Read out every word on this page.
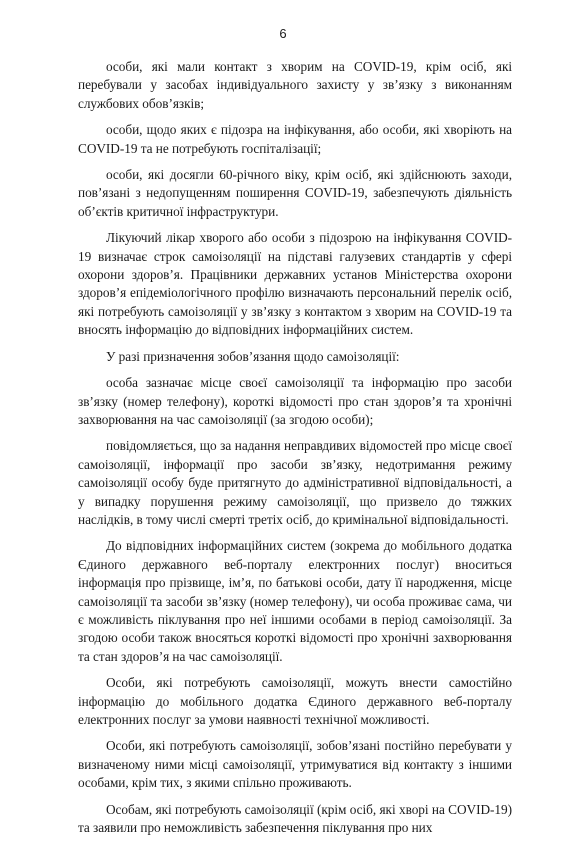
6

особи, які мали контакт з хворим на COVID-19, крім осіб, які перебували у засобах індивідуального захисту у зв’язку з виконанням службових обов’язків;

особи, щодо яких є підозра на інфікування, або особи, які хворіють на COVID-19 та не потребують госпіталізації;

особи, які досягли 60-річного віку, крім осіб, які здійснюють заходи, пов’язані з недопущенням поширення COVID-19, забезпечують діяльність об’єктів критичної інфраструктури.

Лікуючий лікар хворого або особи з підозрою на інфікування COVID-19 визначає строк самоізоляції на підставі галузевих стандартів у сфері охорони здоров’я. Працівники державних установ Міністерства охорони здоров’я епідеміологічного профілю визначають персональний перелік осіб, які потребують самоізоляції у зв’язку з контактом з хворим на COVID-19 та вносять інформацію до відповідних інформаційних систем.

У разі призначення зобов’язання щодо самоізоляції:

особа зазначає місце своєї самоізоляції та інформацію про засоби зв’язку (номер телефону), короткі відомості про стан здоров’я та хронічні захворювання на час самоізоляції (за згодою особи);

повідомляється, що за надання неправдивих відомостей про місце своєї самоізоляції, інформації про засоби зв’язку, недотримання режиму самоізоляції особу буде притягнуто до адміністративної відповідальності, а у випадку порушення режиму самоізоляції, що призвело до тяжких наслідків, в тому числі смерті третіх осіб, до кримінальної відповідальності.

До відповідних інформаційних систем (зокрема до мобільного додатка Єдиного державного веб-порталу електронних послуг) вноситься інформація про прізвище, ім’я, по батькові особи, дату її народження, місце самоізоляції та засоби зв’язку (номер телефону), чи особа проживає сама, чи є можливість піклування про неї іншими особами в період самоізоляції. За згодою особи також вносяться короткі відомості про хронічні захворювання та стан здоров’я на час самоізоляції.

Особи, які потребують самоізоляції, можуть внести самостійно інформацію до мобільного додатка Єдиного державного веб-порталу електронних послуг за умови наявності технічної можливості.

Особи, які потребують самоізоляції, зобов’язані постійно перебувати у визначеному ними місці самоізоляції, утримуватися від контакту з іншими особами, крім тих, з якими спільно проживають.

Особам, які потребують самоізоляції (крім осіб, які хворі на COVID-19) та заявили про неможливість забезпечення піклування про них
